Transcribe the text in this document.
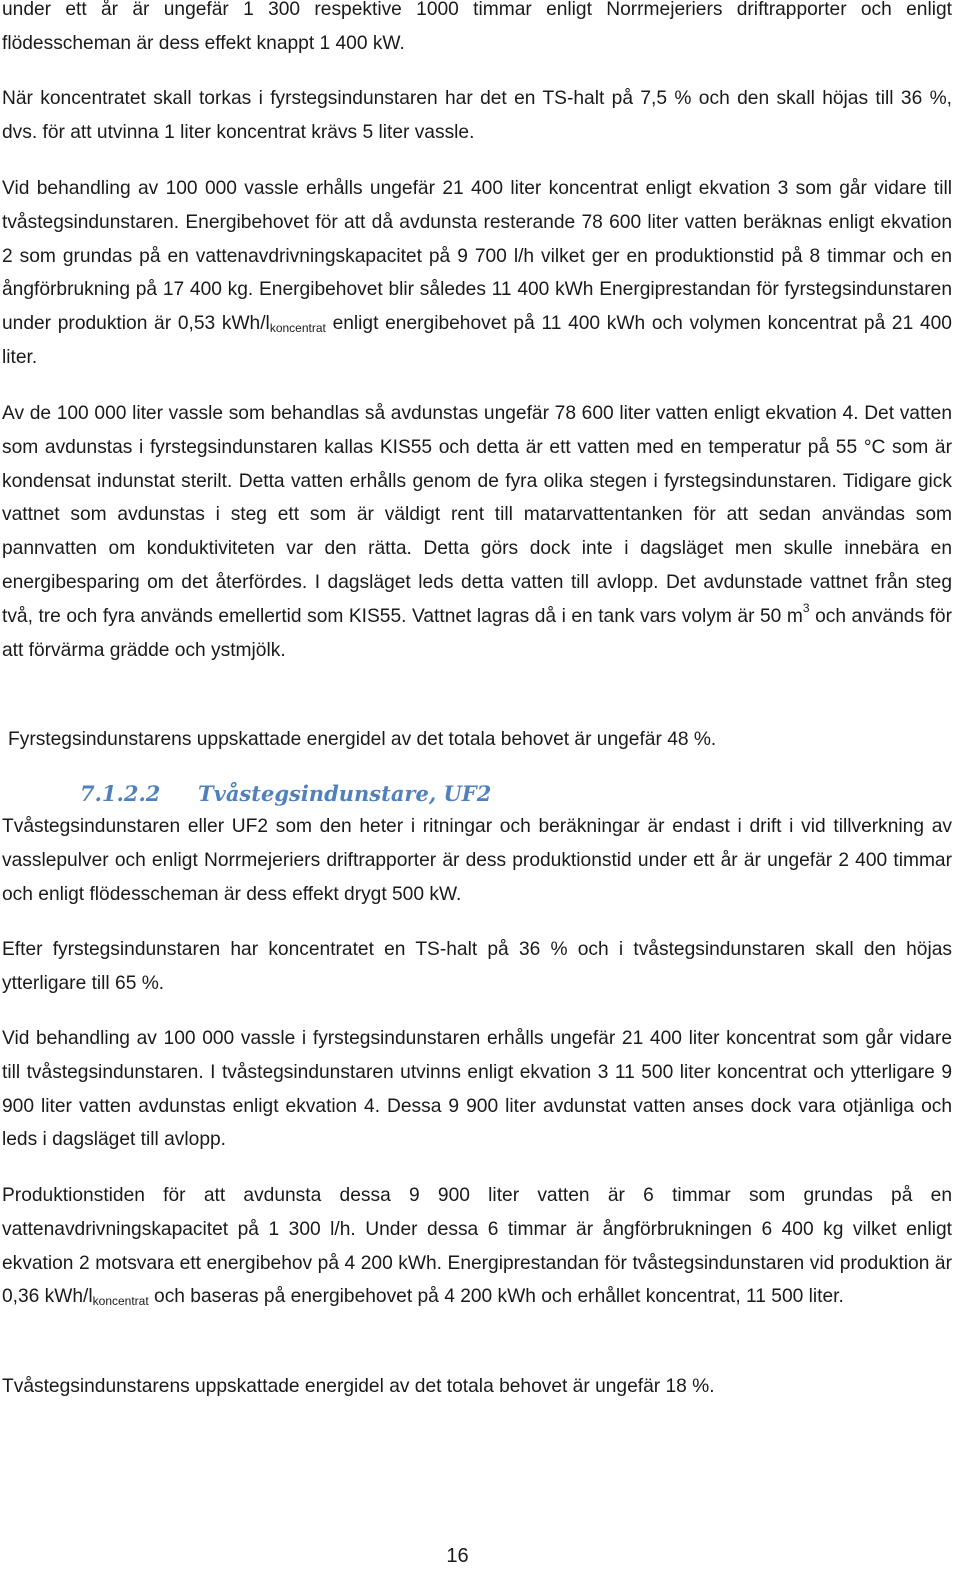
under ett år är ungefär 1 300 respektive 1000 timmar enligt Norrmejeriers driftrapporter och enligt flödesscheman är dess effekt knappt 1 400 kW.

När koncentratet skall torkas i fyrstegsindunstaren har det en TS-halt på 7,5 % och den skall höjas till 36 %, dvs. för att utvinna 1 liter koncentrat krävs 5 liter vassle.

Vid behandling av 100 000 vassle erhålls ungefär 21 400 liter koncentrat enligt ekvation 3 som går vidare till tvåstegsindunstaren. Energibehovet för att då avdunsta resterande 78 600 liter vatten beräknas enligt ekvation 2 som grundas på en vattenavdrivningskapacitet på 9 700 l/h vilket ger en produktionstid på 8 timmar och en ångförbrukning på 17 400 kg. Energibehovet blir således 11 400 kWh Energiprestandan för fyrstegsindunstaren under produktion är 0,53 kWh/$l_{koncentrat}$ enligt energibehovet på 11 400 kWh och volymen koncentrat på 21 400 liter.

Av de 100 000 liter vassle som behandlas så avdunstas ungefär 78 600 liter vatten enligt ekvation 4. Det vatten som avdunstas i fyrstegsindunstaren kallas KIS55 och detta är ett vatten med en temperatur på 55 °C som är kondensat indunstat sterilt. Detta vatten erhålls genom de fyra olika stegen i fyrstegsindunstaren. Tidigare gick vattnet som avdunstas i steg ett som är väldigt rent till matarvattentanken för att sedan användas som pannvatten om konduktiviteten var den rätta. Detta görs dock inte i dagsläget men skulle innebära en energibesparing om det återfördes. I dagsläget leds detta vatten till avlopp. Det avdunstade vattnet från steg två, tre och fyra används emellertid som KIS55. Vattnet lagras då i en tank vars volym är 50 $m^3$ och används för att förvärma grädde och ystmjölk.

Fyrstegsindunstarens uppskattade energidel av det totala behovet är ungefär 48 %.

7.1.2.2 Tvåstegsindunstare, UF2

Tvåstegsindunstaren eller UF2 som den heter i ritningar och beräkningar är endast i drift i vid tillverkning av vasslepulver och enligt Norrmejeriers driftrapporter är dess produktionstid under ett år är ungefär 2 400 timmar och enligt flödesscheman är dess effekt drygt 500 kW.

Efter fyrstegsindunstaren har koncentratet en TS-halt på 36 % och i tvåstegsindunstaren skall den höjas ytterligare till 65 %.

Vid behandling av 100 000 vassle i fyrstegsindunstaren erhålls ungefär 21 400 liter koncentrat som går vidare till tvåstegsindunstaren. I tvåstegsindunstaren utvinns enligt ekvation 3 11 500 liter koncentrat och ytterligare 9 900 liter vatten avdunstas enligt ekvation 4. Dessa 9 900 liter avdunstat vatten anses dock vara otjänliga och leds i dagsläget till avlopp.

Produktionstiden för att avdunsta dessa 9 900 liter vatten är 6 timmar som grundas på en vattenavdrivningskapacitet på 1 300 l/h. Under dessa 6 timmar är ångförbrukningen 6 400 kg vilket enligt ekvation 2 motsvara ett energibehov på 4 200 kWh. Energiprestandan för tvåstegsindunstaren vid produktion är 0,36 kWh/$l_{koncentrat}$ och baseras på energibehovet på 4 200 kWh och erhållet koncentrat, 11 500 liter.

Tvåstegsindunstarens uppskattade energidel av det totala behovet är ungefär 18 %.

16
